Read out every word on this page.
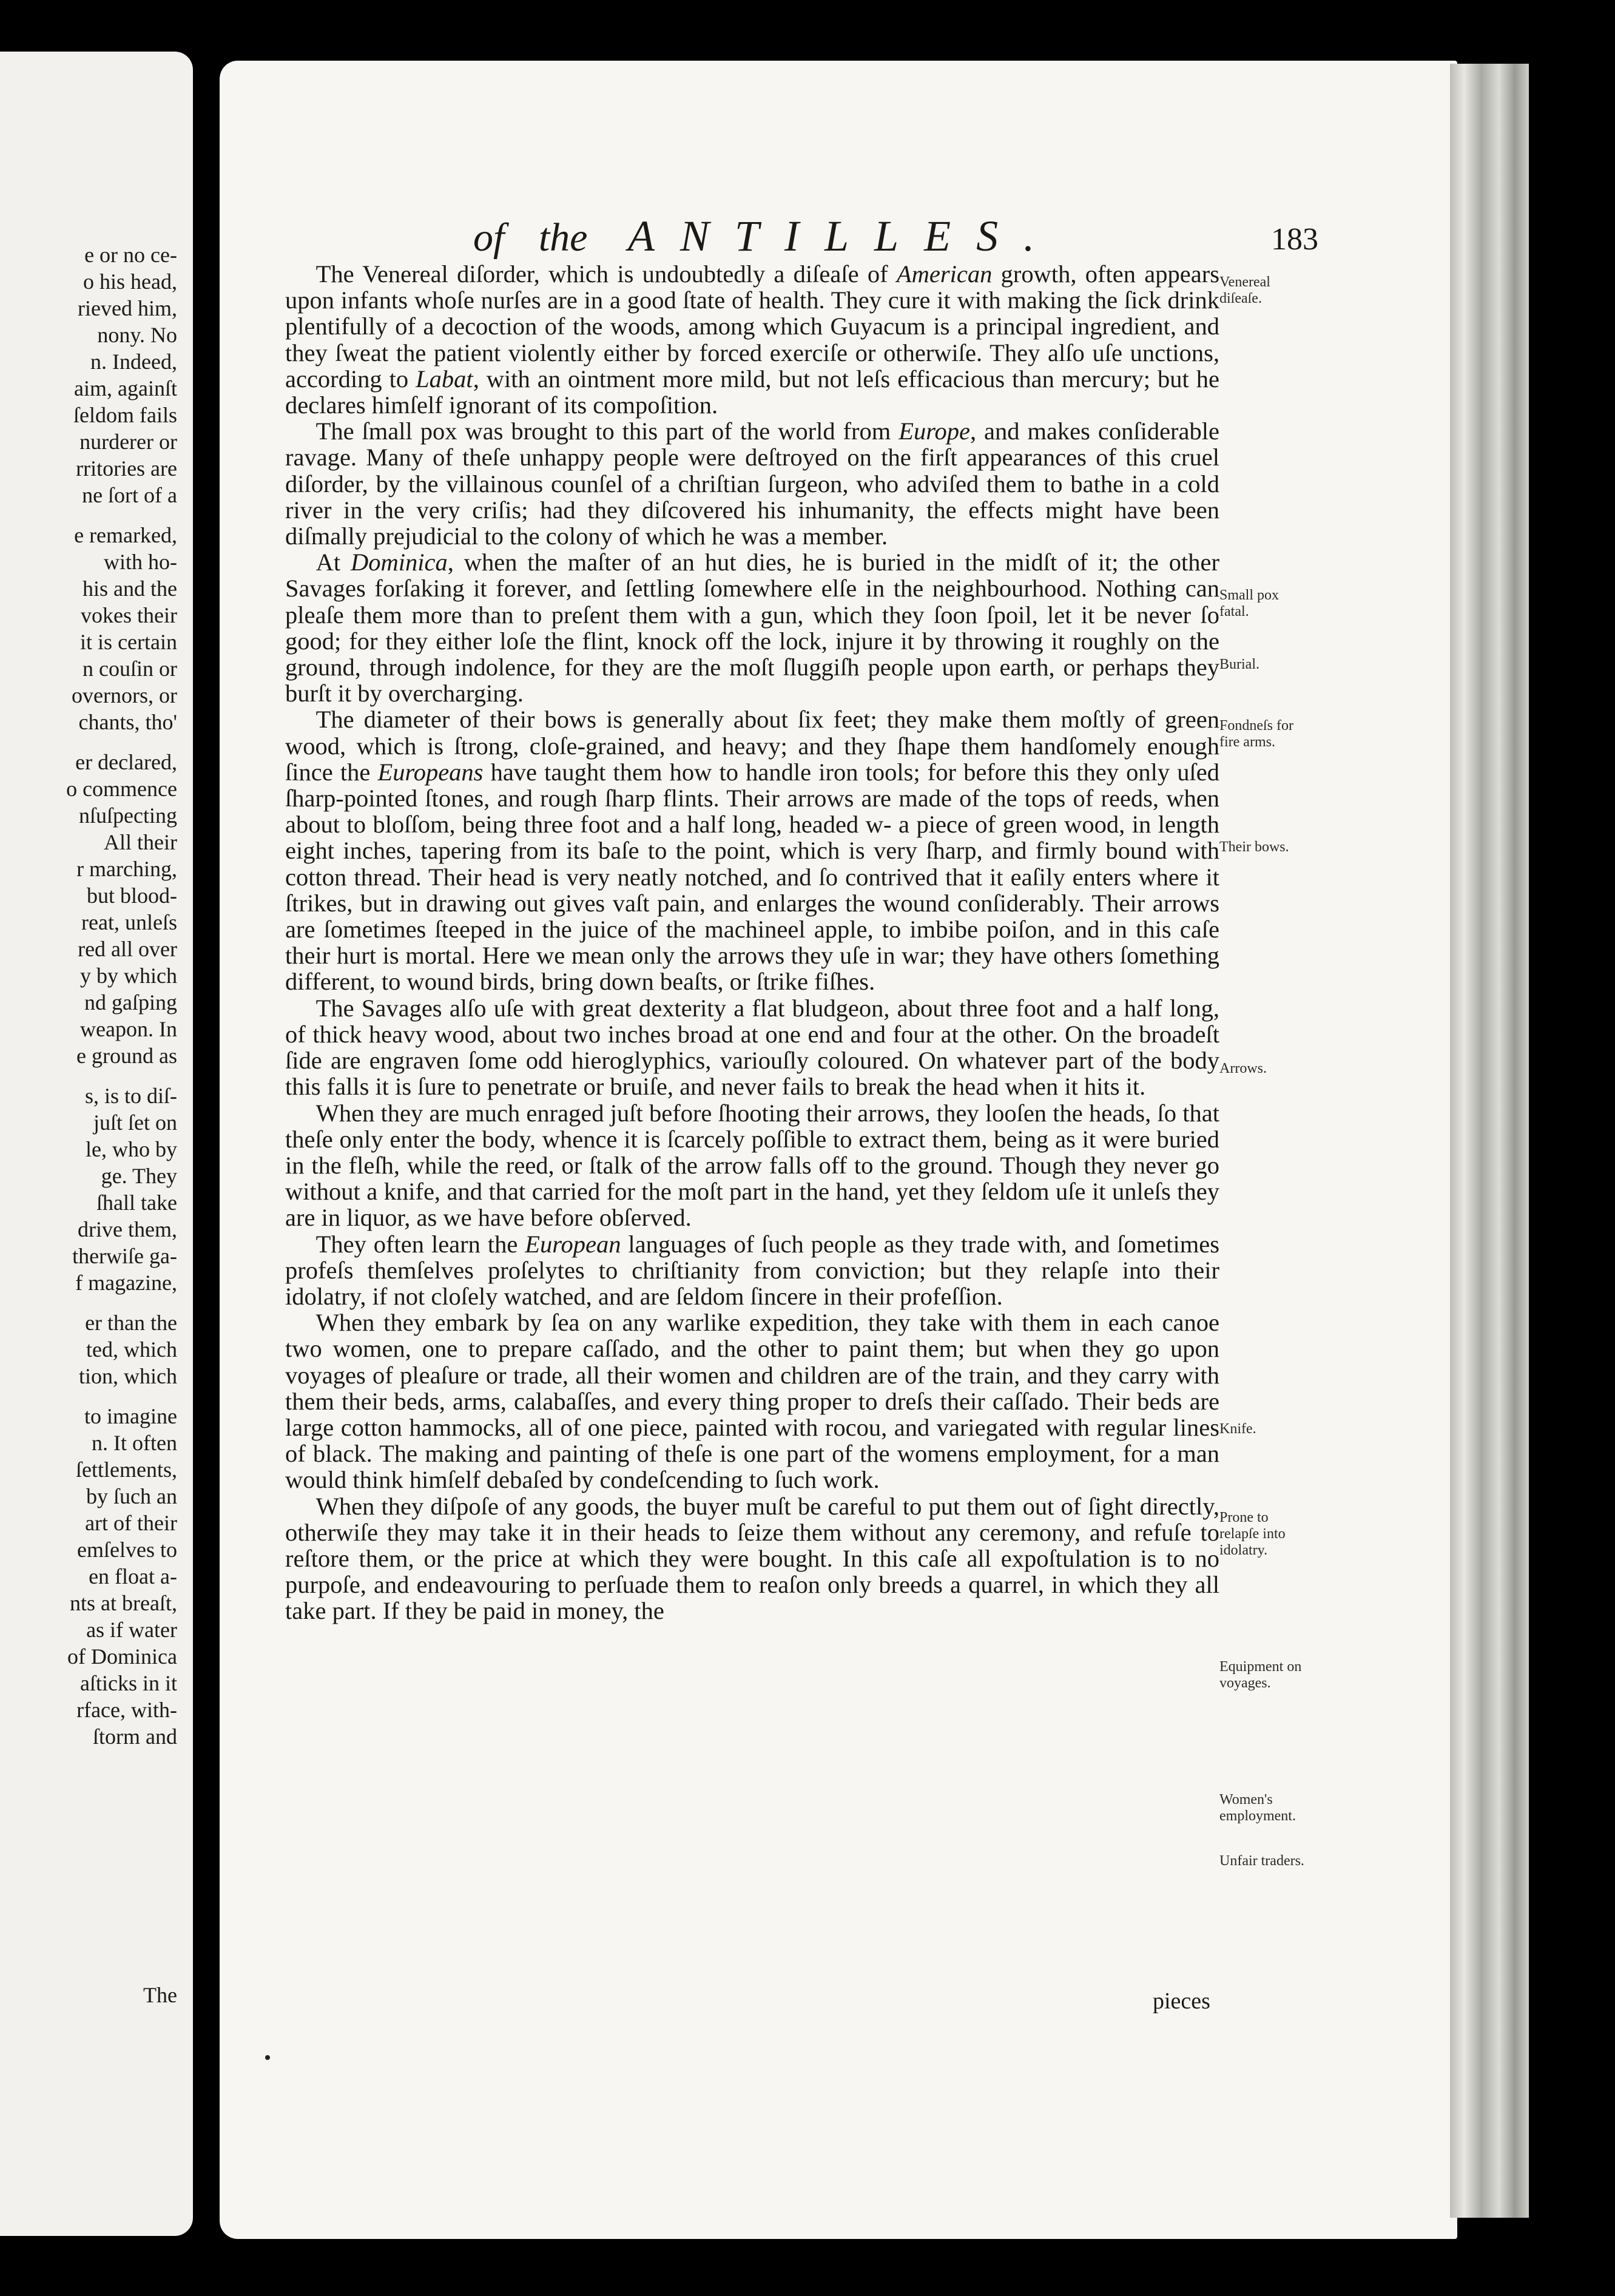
e or no ce-
o his head,
rieved him,
nony. No
n. Indeed,
aim, againſt
ſeldom fails
nurderer or
rritories are
ne ſort of a
e remarked,
with ho-
his and the
vokes their
it is certain
n couſin or
overnors, or
chants, tho'
er declared,
o commence
nſuſpecting
All their
r marching,
but blood-
reat, unleſs
red all over
y by which
nd gaſping
weapon. In
e ground as
s, is to diſ-
juſt ſet on
le, who by
ge. They
ſhall take
drive them,
therwiſe ga-
f magazine,
er than the
ted, which
tion, which
to imagine
n. It often
ſettlements,
by ſuch an
art of their
emſelves to
en float a-
nts at breaſt,
as if water
of Dominica
aſticks in it
rface, with-
ſtorm and
The
of the ANTILLES.	183

The Venereal diſorder, which is undoubtedly a diſeaſe of American growth, often appears upon infants whoſe nurſes are in a good ſtate of health. They cure it with making the ſick drink plentifully of a decoction of the woods, among which Guyacum is a principal ingredient, and they ſweat the patient violently either by forced exerciſe or otherwiſe. They alſo uſe unctions, according to Labat, with an ointment more mild, but not leſs efficacious than mercury; but he declares himſelf ignorant of its compoſition.

The ſmall pox was brought to this part of the world from Europe, and makes conſiderable ravage. Many of theſe unhappy people were deſtroyed on the firſt appearances of this cruel diſorder, by the villainous counſel of a chriſtian ſurgeon, who adviſed them to bathe in a cold river in the very criſis; had they diſcovered his inhumanity, the effects might have been diſmally prejudicial to the colony of which he was a member.

At Dominica, when the maſter of an hut dies, he is buried in the midſt of it; the other Savages forſaking it forever, and ſettling ſomewhere elſe in the neighbourhood. Nothing can pleaſe them more than to preſent them with a gun, which they ſoon ſpoil, let it be never ſo good; for they either loſe the flint, knock off the lock, injure it by throwing it roughly on the ground, through indolence, for they are the moſt ſluggiſh people upon earth, or perhaps they burſt it by overcharging.

The diameter of their bows is generally about ſix feet; they make them moſtly of green wood, which is ſtrong, cloſe-grained, and heavy; and they ſhape them handſomely enough ſince the Europeans have taught them how to handle iron tools; for before this they only uſed ſharp-pointed ſtones, and rough ſharp flints. Their arrows are made of the tops of reeds, when about to bloſſom, being three foot and a half long, headed w- a piece of green wood, in length eight inches, tapering from its baſe to the point, which is very ſharp, and firmly bound with cotton thread. Their head is very neatly notched, and ſo contrived that it eaſily enters where it ſtrikes, but in drawing out gives vaſt pain, and enlarges the wound conſiderably. Their arrows are ſometimes ſteeped in the juice of the machineel apple, to imbibe poiſon, and in this caſe their hurt is mortal. Here we mean only the arrows they uſe in war; they have others ſomething different, to wound birds, bring down beaſts, or ſtrike fiſhes.

The Savages alſo uſe with great dexterity a flat bludgeon, about three foot and a half long, of thick heavy wood, about two inches broad at one end and four at the other. On the broadeſt ſide are engraven ſome odd hieroglyphics, variouſly coloured. On whatever part of the body this falls it is ſure to penetrate or bruiſe, and never fails to break the head when it hits it.

When they are much enraged juſt before ſhooting their arrows, they looſen the heads, ſo that theſe only enter the body, whence it is ſcarcely poſſible to extract them, being as it were buried in the fleſh, while the reed, or ſtalk of the arrow falls off to the ground. Though they never go without a knife, and that carried for the moſt part in the hand, yet they ſeldom uſe it unleſs they are in liquor, as we have before obſerved.

They often learn the European languages of ſuch people as they trade with, and ſometimes profeſs themſelves proſelytes to chriſtianity from conviction; but they relapſe into their idolatry, if not cloſely watched, and are ſeldom ſincere in their profeſſion.

When they embark by ſea on any warlike expedition, they take with them in each canoe two women, one to prepare caſſado, and the other to paint them; but when they go upon voyages of pleaſure or trade, all their women and children are of the train, and they carry with them their beds, arms, calabaſſes, and every thing proper to dreſs their caſſado. Their beds are large cotton hammocks, all of one piece, painted with rocou, and variegated with regular lines of black. The making and painting of theſe is one part of the womens employment, for a man would think himſelf debaſed by condeſcending to ſuch work.

When they diſpoſe of any goods, the buyer muſt be careful to put them out of ſight directly, otherwiſe they may take it in their heads to ſeize them without any ceremony, and refuſe to reſtore them, or the price at which they were bought. In this caſe all expoſtulation is to no purpoſe, and endeavouring to perſuade them to reaſon only breeds a quarrel, in which they all take part. If they be paid in money, the

Venereal diſeaſe.
Small pox fatal.
Burial.
Fondneſs for fire arms.
Their bows.
Arrows.
Knife.
Prone to relapſe into idolatry.
Equipment on voyages.
Women's employment.
Unfair traders.
pieces
